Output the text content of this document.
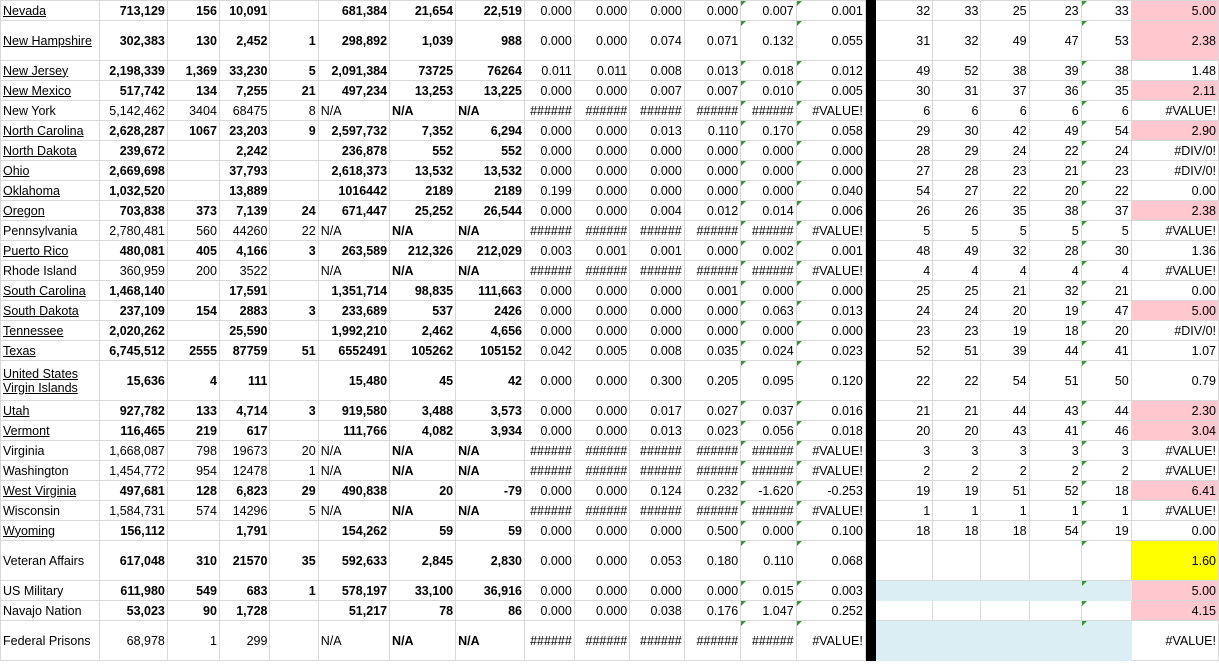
Nevada	713,129	156	10,091		681,384	21,654	22,519	0.000	0.000	0.000	0.000	0.007	0.001		32	33	25	23	33	5.00
New Hampshire	302,383	130	2,452	1	298,892	1,039	988	0.000	0.000	0.074	0.071	0.132	0.055		31	32	49	47	53	2.38
New Jersey	2,198,339	1,369	33,230	5	2,091,384	73725	76264	0.011	0.011	0.008	0.013	0.018	0.012		49	52	38	39	38	1.48
New Mexico	517,742	134	7,255	21	497,234	13,253	13,225	0.000	0.000	0.007	0.007	0.010	0.005		30	31	37	36	35	2.11
New York	5,142,462	3404	68475	8	N/A	N/A	N/A	######	######	######	######	######	#VALUE!		6	6	6	6	6	#VALUE!
North Carolina	2,628,287	1067	23,203	9	2,597,732	7,352	6,294	0.000	0.000	0.013	0.110	0.170	0.058		29	30	42	49	54	2.90
North Dakota	239,672		2,242		236,878	552	552	0.000	0.000	0.000	0.000	0.000	0.000		28	29	24	22	24	#DIV/0!
Ohio	2,669,698		37,793		2,618,373	13,532	13,532	0.000	0.000	0.000	0.000	0.000	0.000		27	28	23	21	23	#DIV/0!
Oklahoma	1,032,520		13,889		1016442	2189	2189	0.199	0.000	0.000	0.000	0.000	0.040		54	27	22	20	22	0.00
Oregon	703,838	373	7,139	24	671,447	25,252	26,544	0.000	0.000	0.004	0.012	0.014	0.006		26	26	35	38	37	2.38
Pennsylvania	2,780,481	560	44260	22	N/A	N/A	N/A	######	######	######	######	######	#VALUE!		5	5	5	5	5	#VALUE!
Puerto Rico	480,081	405	4,166	3	263,589	212,326	212,029	0.003	0.001	0.001	0.000	0.002	0.001		48	49	32	28	30	1.36
Rhode Island	360,959	200	3522		N/A	N/A	N/A	######	######	######	######	######	#VALUE!		4	4	4	4	4	#VALUE!
South Carolina	1,468,140		17,591		1,351,714	98,835	111,663	0.000	0.000	0.000	0.001	0.000	0.000		25	25	21	32	21	0.00
South Dakota	237,109	154	2883	3	233,689	537	2426	0.000	0.000	0.000	0.000	0.063	0.013		24	24	20	19	47	5.00
Tennessee	2,020,262		25,590		1,992,210	2,462	4,656	0.000	0.000	0.000	0.000	0.000	0.000		23	23	19	18	20	#DIV/0!
Texas	6,745,512	2555	87759	51	6552491	105262	105152	0.042	0.005	0.008	0.035	0.024	0.023		52	51	39	44	41	1.07
United States Virgin Islands	15,636	4	111		15,480	45	42	0.000	0.000	0.300	0.205	0.095	0.120		22	22	54	51	50	0.79
Utah	927,782	133	4,714	3	919,580	3,488	3,573	0.000	0.000	0.017	0.027	0.037	0.016		21	21	44	43	44	2.30
Vermont	116,465	219	617		111,766	4,082	3,934	0.000	0.000	0.013	0.023	0.056	0.018		20	20	43	41	46	3.04
Virginia	1,668,087	798	19673	20	N/A	N/A	N/A	######	######	######	######	######	#VALUE!		3	3	3	3	3	#VALUE!
Washington	1,454,772	954	12478	1	N/A	N/A	N/A	######	######	######	######	######	#VALUE!		2	2	2	2	2	#VALUE!
West Virginia	497,681	128	6,823	29	490,838	20	-79	0.000	0.000	0.124	0.232	-1.620	-0.253		19	19	51	52	18	6.41
Wisconsin	1,584,731	574	14296	5	N/A	N/A	N/A	######	######	######	######	######	#VALUE!		1	1	1	1	1	#VALUE!
Wyoming	156,112		1,791		154,262	59	59	0.000	0.000	0.000	0.500	0.000	0.100		18	18	18	54	19	0.00
Veteran Affairs	617,048	310	21570	35	592,633	2,845	2,830	0.000	0.000	0.053	0.180	0.110	0.068							1.60
US Military	611,980	549	683	1	578,197	33,100	36,916	0.000	0.000	0.000	0.000	0.015	0.003							5.00
Navajo Nation	53,023	90	1,728		51,217	78	86	0.000	0.000	0.038	0.176	1.047	0.252							4.15
Federal Prisons	68,978	1	299		N/A	N/A	N/A	######	######	######	######	######	#VALUE!							#VALUE!
